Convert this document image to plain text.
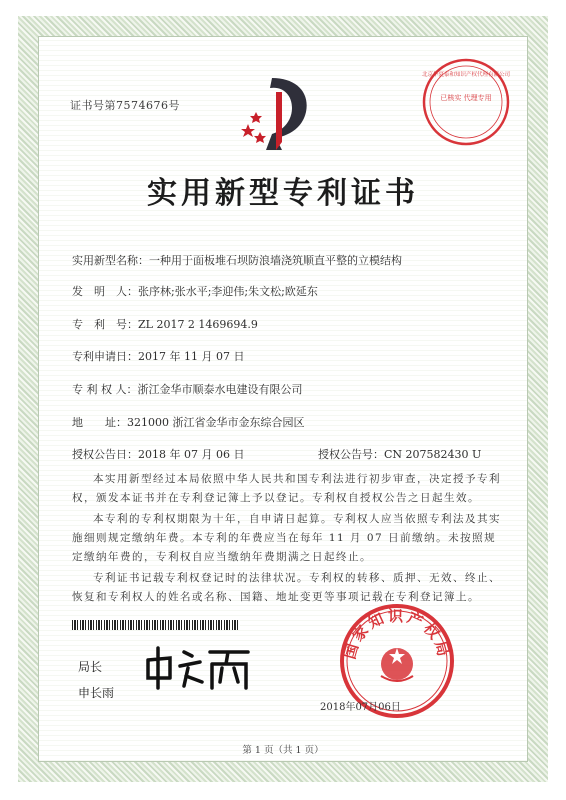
证书号第7574676号
已核实 代理专用
北京华夏泰和知识产权代理有限公司
实用新型专利证书
实用新型名称：一种用于面板堆石坝防浪墙浇筑顺直平整的立模结构
发　明　人：张序林;张水平;李迎伟;朱文松;欧延东
专　利　号：ZL 2017 2 1469694.9
专利申请日：2017 年 11 月 07 日
专 利 权 人：浙江金华市顺泰水电建设有限公司
地　　址：321000 浙江省金华市金东综合园区
授权公告日：2018 年 07 月 06 日	授权公告号：CN 207582430 U
本实用新型经过本局依照中华人民共和国专利法进行初步审查，决定授予专利权，颁发本证书并在专利登记簿上予以登记。专利权自授权公告之日起生效。
本专利的专利权期限为十年，自申请日起算。专利权人应当依照专利法及其实施细则规定缴纳年费。本专利的年费应当在每年 11 月 07 日前缴纳。未按照规定缴纳年费的，专利权自应当缴纳年费期满之日起终止。
专利证书记载专利权登记时的法律状况。专利权的转移、质押、无效、终止、恢复和专利权人的姓名或名称、国籍、地址变更等事项记载在专利登记簿上。
局长
申长雨
国家知识产权局
2018年07月06日
第 1 页（共 1 页）
